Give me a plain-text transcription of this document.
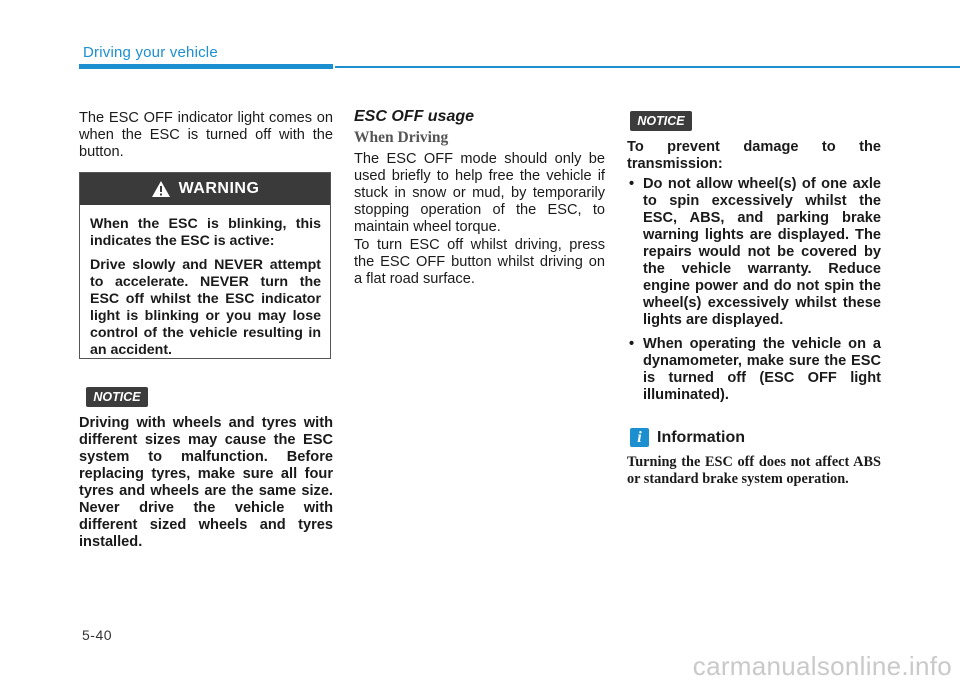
Driving your vehicle

The ESC OFF indicator light comes on when the ESC is turned off with the button.

WARNING

When the ESC is blinking, this indicates the ESC is active:

Drive slowly and NEVER attempt to accelerate. NEVER turn the ESC off whilst the ESC indicator light is blinking or you may lose control of the vehicle resulting in an accident.

NOTICE

Driving with wheels and tyres with different sizes may cause the ESC system to malfunction. Before replacing tyres, make sure all four tyres and wheels are the same size. Never drive the vehicle with different sized wheels and tyres installed.

ESC OFF usage
When Driving

The ESC OFF mode should only be used briefly to help free the vehicle if stuck in snow or mud, by temporarily stopping operation of the ESC, to maintain wheel torque.

To turn ESC off whilst driving, press the ESC OFF button whilst driving on a flat road surface.

NOTICE

To prevent damage to the transmission:

• Do not allow wheel(s) of one axle to spin excessively whilst the ESC, ABS, and parking brake warning lights are displayed. The repairs would not be covered by the vehicle warranty. Reduce engine power and do not spin the wheel(s) excessively whilst these lights are displayed.
• When operating the vehicle on a dynamometer, make sure the ESC is turned off (ESC OFF light illuminated).
i Information

Turning the ESC off does not affect ABS or standard brake system operation.

5-40
carmanualsonline.info
